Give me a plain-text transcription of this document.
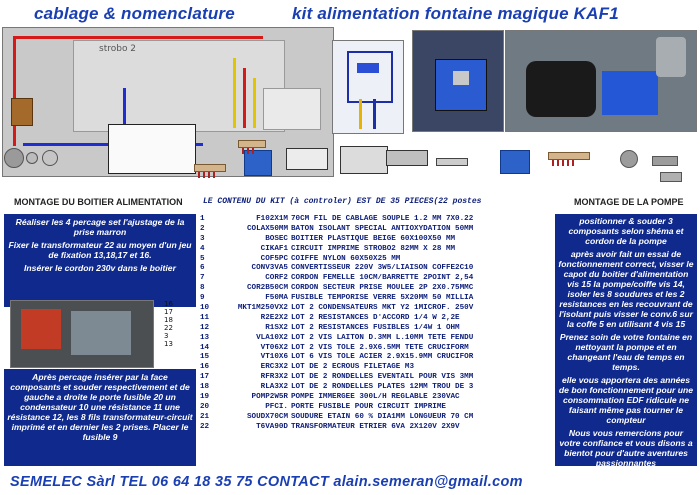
cablage & nomenclature	kit alimentation fontaine magique KAF1
strobo 2
MONTAGE DU BOITIER ALIMENTATION	LE CONTENU DU KIT (à controler) EST DE 35 PIECES(22 postes	MONTAGE DE LA POMPE

Réaliser les 4 percage set l'ajustage de la prise marron

Fixer le transformateur 22 au moyen d'un jeu de fixation 13,18,17 et 16.

Insérer le cordon 230v dans le boitier

16
17
18
22
3
13

Après percage insérer par la face composants et souder respectivement et de gauche a droite le porte fusible 20 un condensateur 10 une résistance 11 une résistance 12, les 8 fils transformateur-circuit imprimé et en dernier les 2 prises. Placer le fusible 9

1	F102X1M 70CM FIL DE CABLAGE SOUPLE 1.2 MM 7X0.22
2	COLAX50MM BATON ISOLANT SPECIAL ANTIOXYDATION 50MM
3	BOSEC BOITIER PLASTIQUE BEIGE 60X100X50 MM
4	CIKAF1 CIRCUIT IMPRIME STROBO2 82MM X 28 MM
5	COF5PC COIFFE NYLON 60X50X25 MM
6	CONV3VA5 CONVERTISSEUR 220V 3W5/LIAISON COFFE2C10
7	CORF2 CORDON FEMELLE 10CM/BARRETTE 2POINT 2,54
8	COR2B50CM CORDON SECTEUR PRISE MOULEE 2P 2X0.75MMC
9	F50MA FUSIBLE TEMPORISE VERRE 5X20MM 50 MILLIA
10	MKT1M250VX2 LOT 2 CONDENSATEURS MKT Y2 1MICROF. 250V
11	R2E2X2 LOT 2 RESISTANCES D'ACCORD 1/4 W 2,2E
12	R1SX2 LOT 2 RESISTANCES FUSIBLES 1/4W 1 OHM
13	VLA10X2 LOT 2 VIS LAITON D.3MM L.10MM TETE FENDU
14	VT06X2 LOT 2 VIS TOLE 2.9X6.5MM TETE CRUCIFORM
15	VT10X6 LOT 6 VIS TOLE ACIER 2.9X15.9MM CRUCIFOR
16	ERC3X2 LOT DE 2 ECROUS FILETAGE M3
17	RFR3X2 LOT DE 2 RONDELLES EVENTAIL POUR VIS 3MM
18	RLA3X2 LOT DE 2 RONDELLES PLATES 12MM TROU DE 3
19	POMP2W5R POMPE IMMERGEE 300L/H REGLABLE 230VAC
20	PFCI. PORTE FUSIBLE POUR CIRCUIT IMPRIME
21	SOUDX70CM SOUDURE ETAIN 60 % DIA1MM LONGUEUR 70 CM
22	T6VA90D TRANSFORMATEUR ETRIER 6VA 2X120V 2X9V

positionner & souder 3 composants selon shéma et cordon de la pompe

après avoir fait un essai de fonctionnement correct, visser le capot du boitier d'alimentation vis 15 la pompe/coiffe vis 14, isoler les 8 soudures et les 2 resistances en les recouvrant de l'isolant puis visser le conv.6 sur la coffe 5 en utilisant 4 vis 15

Prenez soin de votre fontaine en nettoyant la pompe et en changeant l'eau de temps en temps.

elle vous apportera des années de bon fonctionnement pour une consommation EDF ridicule ne faisant même pas tourner le compteur

Nous vous remercions pour votre confiance et vous disons a bientot pour d'autre aventures passionnantes

SEMELEC Sàrl TEL 06 64 18 35 75 CONTACT alain.semeran@gmail.com
